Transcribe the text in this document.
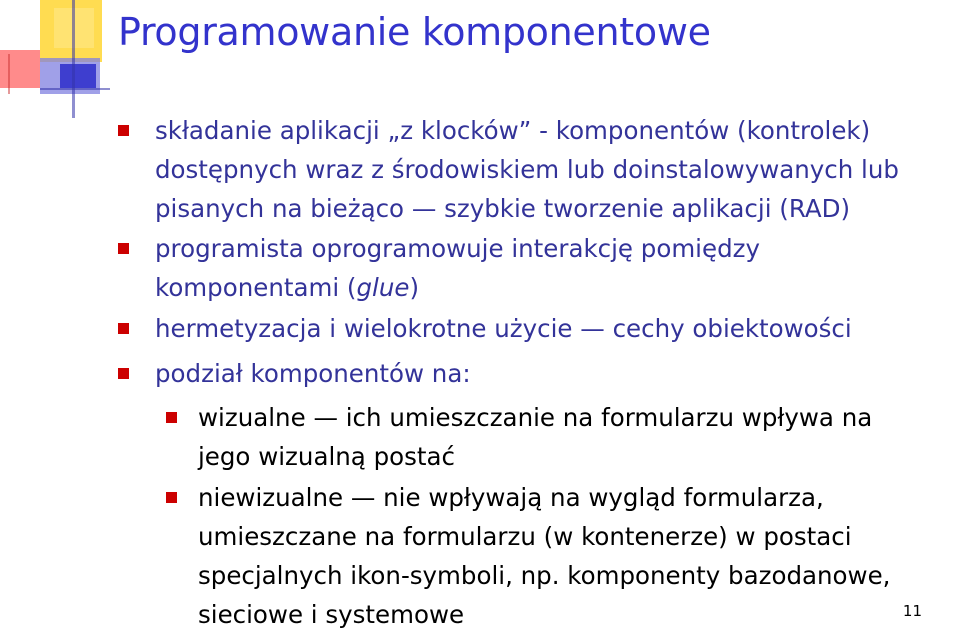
Programowanie komponentowe
składanie aplikacji „z klocków” - komponentów (kontrolek)
dostępnych wraz z środowiskiem lub doinstalowywanych lub
pisanych na bieżąco — szybkie tworzenie aplikacji (RAD)
programista oprogramowuje interakcję pomiędzy
komponentami (glue)
hermetyzacja i wielokrotne użycie — cechy obiektowości
podział komponentów na:
wizualne — ich umieszczanie na formularzu wpływa na
jego wizualną postać
niewizualne — nie wpływają na wygląd formularza,
umieszczane na formularzu (w kontenerze) w postaci
specjalnych ikon-symboli, np. komponenty bazodanowe,
sieciowe i systemowe	11
